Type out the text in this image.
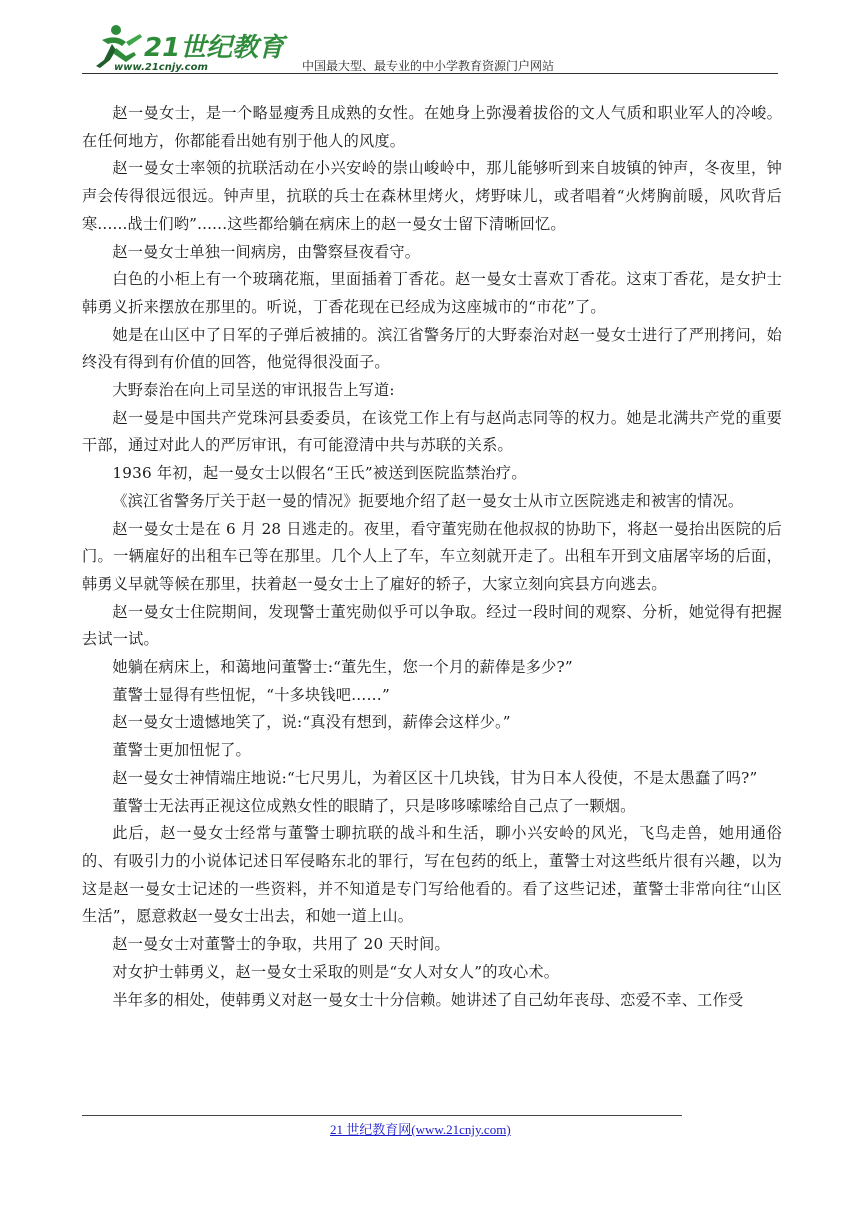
21世纪教育
www.21cnjy.com	中国最大型、最专业的中小学教育资源门户网站

赵一曼女士，是一个略显瘦秀且成熟的女性。在她身上弥漫着拔俗的文人气质和职业军人的冷峻。在任何地方，你都能看出她有别于他人的风度。

赵一曼女士率领的抗联活动在小兴安岭的崇山峻岭中，那儿能够听到来自坡镇的钟声，冬夜里，钟声会传得很远很远。钟声里，抗联的兵士在森林里烤火，烤野味儿，或者唱着“火烤胸前暖，风吹背后寒......战士们哟”......这些都给躺在病床上的赵一曼女士留下清晰回忆。

赵一曼女士单独一间病房，由警察昼夜看守。

白色的小柜上有一个玻璃花瓶，里面插着丁香花。赵一曼女士喜欢丁香花。这束丁香花，是女护士韩勇义折来摆放在那里的。听说，丁香花现在已经成为这座城市的“市花”了。

她是在山区中了日军的子弹后被捕的。滨江省警务厅的大野泰治对赵一曼女士进行了严刑拷问，始终没有得到有价值的回答，他觉得很没面子。

大野泰治在向上司呈送的审讯报告上写道:

赵一曼是中国共产党珠河县委委员，在该党工作上有与赵尚志同等的权力。她是北满共产党的重要干部，通过对此人的严厉审讯，有可能澄清中共与苏联的关系。

1936 年初，起一曼女士以假名“王氏”被送到医院监禁治疗。

《滨江省警务厅关于赵一曼的情况》扼要地介绍了赵一曼女士从市立医院逃走和被害的情况。

赵一曼女士是在 6 月 28 日逃走的。夜里，看守董宪勋在他叔叔的协助下，将赵一曼抬出医院的后门。一辆雇好的出租车已等在那里。几个人上了车，车立刻就开走了。出租车开到文庙屠宰场的后面，韩勇义早就等候在那里，扶着赵一曼女士上了雇好的轿子，大家立刻向宾县方向逃去。

赵一曼女士住院期间，发现警士董宪勋似乎可以争取。经过一段时间的观察、分析，她觉得有把握去试一试。

她躺在病床上，和蔼地问董警士:“董先生，您一个月的薪俸是多少?”

董警士显得有些忸怩，“十多块钱吧……”

赵一曼女士遗憾地笑了，说:“真没有想到，薪俸会这样少。”

董警士更加忸怩了。

赵一曼女士神情端庄地说:“七尺男儿，为着区区十几块钱，甘为日本人役使，不是太愚蠢了吗?”

董警士无法再正视这位成熟女性的眼睛了，只是哆哆嗦嗦给自己点了一颗烟。

此后，赵一曼女士经常与董警士聊抗联的战斗和生活，聊小兴安岭的风光，飞鸟走兽，她用通俗的、有吸引力的小说体记述日军侵略东北的罪行，写在包药的纸上，董警士对这些纸片很有兴趣，以为这是赵一曼女士记述的一些资料，并不知道是专门写给他看的。看了这些记述，董警士非常向往“山区生活”，愿意救赵一曼女士出去，和她一道上山。

赵一曼女士对董警士的争取，共用了 20 天时间。

对女护士韩勇义，赵一曼女士采取的则是“女人对女人”的攻心术。

半年多的相处，使韩勇义对赵一曼女士十分信赖。她讲述了自己幼年丧母、恋爱不幸、工作受

21 世纪教育网(www.21cnjy.com)
